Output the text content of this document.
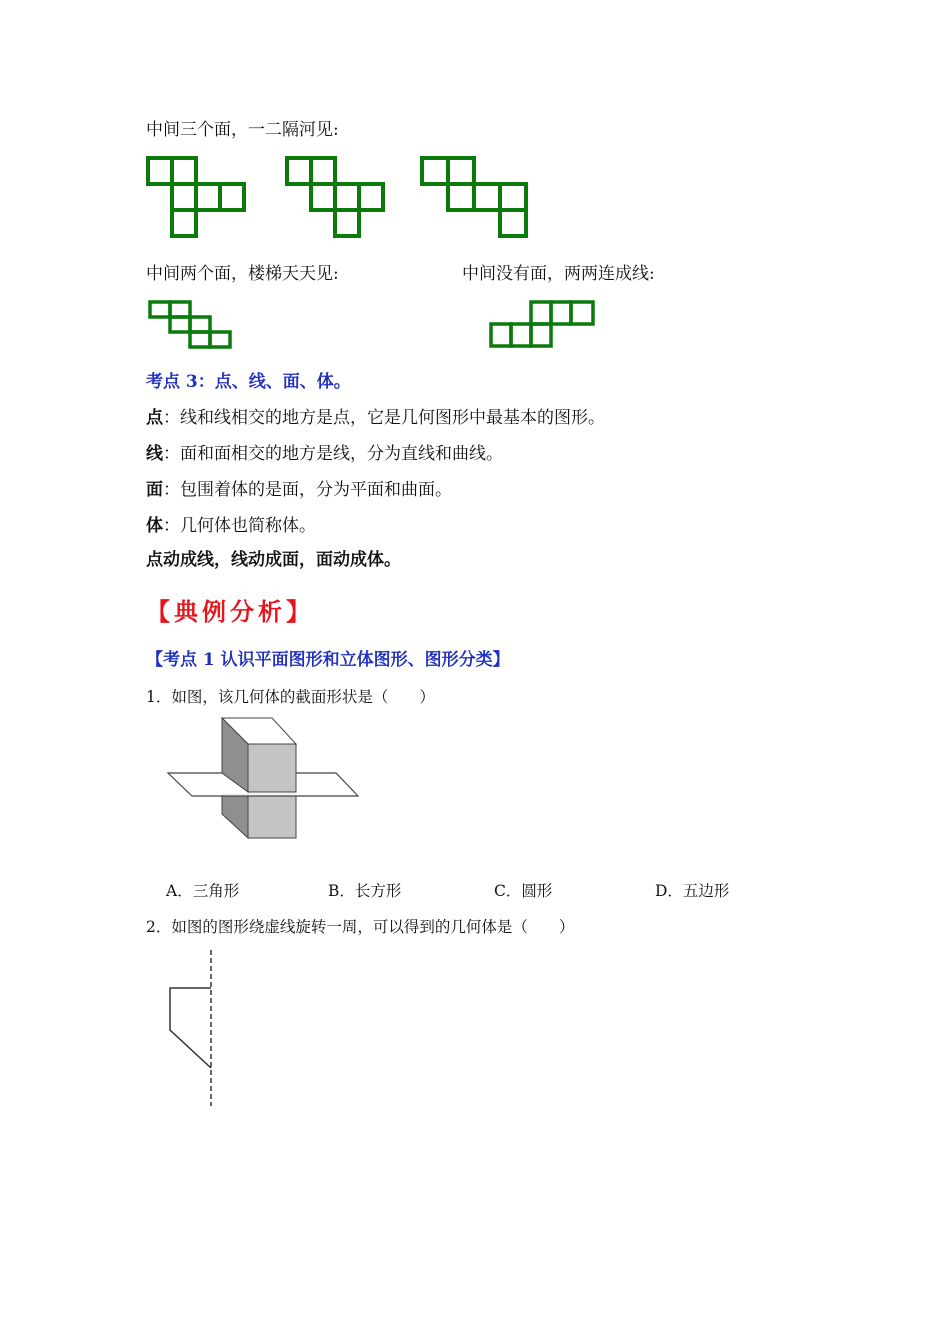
中间三个面，一二隔河见:
中间两个面，楼梯天天见:	中间没有面，两两连成线:
考点 3：点、线、面、体。
点：线和线相交的地方是点，它是几何图形中最基本的图形。
线：面和面相交的地方是线，分为直线和曲线。
面：包围着体的是面，分为平面和曲面。
体：几何体也简称体。
点动成线，线动成面，面动成体。
【典例分析】
【考点 1 认识平面图形和立体图形、图形分类】
1．如图，该几何体的截面形状是（　　）
A．三角形	B．长方形	C．圆形	D．五边形
2．如图的图形绕虚线旋转一周，可以得到的几何体是（　　）
